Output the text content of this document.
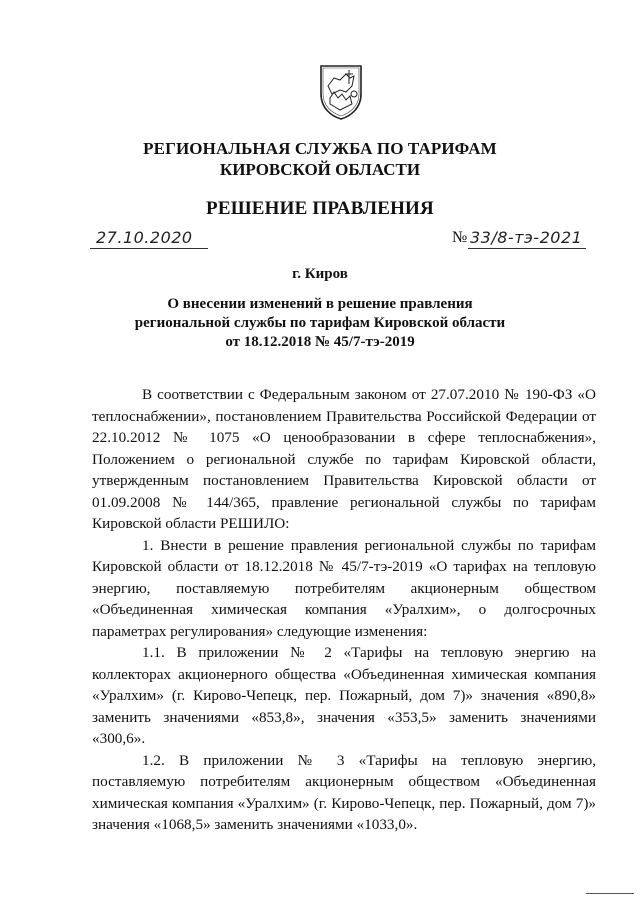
РЕГИОНАЛЬНАЯ СЛУЖБА ПО ТАРИФАМ
КИРОВСКОЙ ОБЛАСТИ
РЕШЕНИЕ ПРАВЛЕНИЯ
27.10.2020	№ 33/8-тэ-2021
г. Киров
О внесении изменений в решение правления
региональной службы по тарифам Кировской области
от 18.12.2018 № 45/7-тэ-2019

В соответствии с Федеральным законом от 27.07.2010 № 190-ФЗ «О теплоснабжении», постановлением Правительства Российской Федерации от 22.10.2012 № 1075 «О ценообразовании в сфере теплоснабжения», Положением о региональной службе по тарифам Кировской области, утвержденным постановлением Правительства Кировской области от 01.09.2008 № 144/365, правление региональной службы по тарифам Кировской области РЕШИЛО:

1. Внести в решение правления региональной службы по тарифам Кировской области от 18.12.2018 № 45/7-тэ-2019 «О тарифах на тепловую энергию, поставляемую потребителям акционерным обществом «Объединенная химическая компания «Уралхим», о долгосрочных параметрах регулирования» следующие изменения:

1.1. В приложении № 2 «Тарифы на тепловую энергию на коллекторах акционерного общества «Объединенная химическая компания «Уралхим» (г. Кирово-Чепецк, пер. Пожарный, дом 7)» значения «890,8» заменить значениями «853,8», значения «353,5» заменить значениями «300,6».

1.2. В приложении № 3 «Тарифы на тепловую энергию, поставляемую потребителям акционерным обществом «Объединенная химическая компания «Уралхим» (г. Кирово-Чепецк, пер. Пожарный, дом 7)» значения «1068,5» заменить значениями «1033,0».
